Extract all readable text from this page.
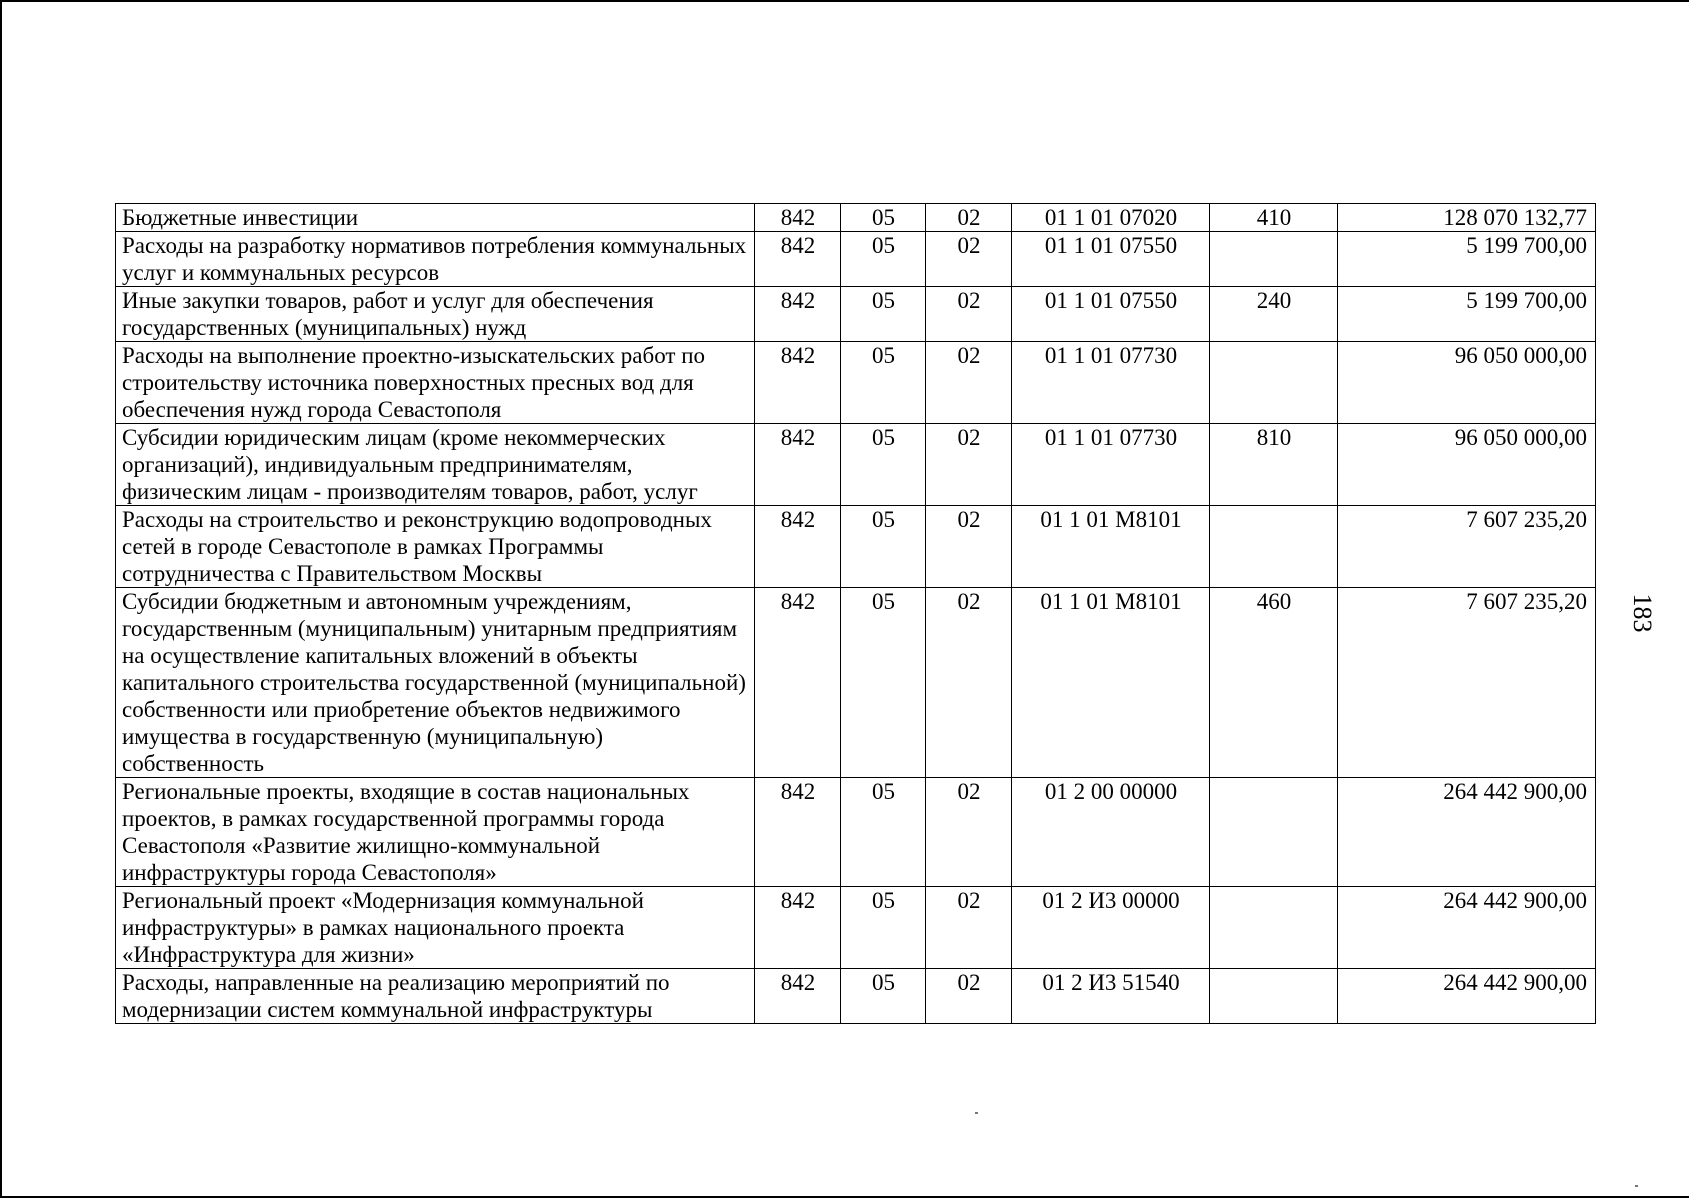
Бюджетные инвестиции	842	05	02	01 1 01 07020	410	128 070 132,77
Расходы на разработку нормативов потребления коммунальных услуг и коммунальных ресурсов	842	05	02	01 1 01 07550		5 199 700,00
Иные закупки товаров, работ и услуг для обеспечения государственных (муниципальных) нужд	842	05	02	01 1 01 07550	240	5 199 700,00
Расходы на выполнение проектно-изыскательских работ по строительству источника поверхностных пресных вод для обеспечения нужд города Севастополя	842	05	02	01 1 01 07730		96 050 000,00
Субсидии юридическим лицам (кроме некоммерческих организаций), индивидуальным предпринимателям, физическим лицам - производителям товаров, работ, услуг	842	05	02	01 1 01 07730	810	96 050 000,00
Расходы на строительство и реконструкцию водопроводных сетей в городе Севастополе в рамках Программы сотрудничества с Правительством Москвы	842	05	02	01 1 01 M8101		7 607 235,20
Субсидии бюджетным и автономным учреждениям, государственным (муниципальным) унитарным предприятиям на осуществление капитальных вложений в объекты капитального строительства государственной (муниципальной) собственности или приобретение объектов недвижимого имущества в государственную (муниципальную) собственность	842	05	02	01 1 01 M8101	460	7 607 235,20
Региональные проекты, входящие в состав национальных проектов, в рамках государственной программы города Севастополя «Развитие жилищно-коммунальной инфраструктуры города Севастополя»	842	05	02	01 2 00 00000		264 442 900,00
Региональный проект «Модернизация коммунальной инфраструктуры» в рамках национального проекта «Инфраструктура для жизни»	842	05	02	01 2 И3 00000		264 442 900,00
Расходы, направленные на реализацию мероприятий по модернизации систем коммунальной инфраструктуры	842	05	02	01 2 И3 51540		264 442 900,00
183
